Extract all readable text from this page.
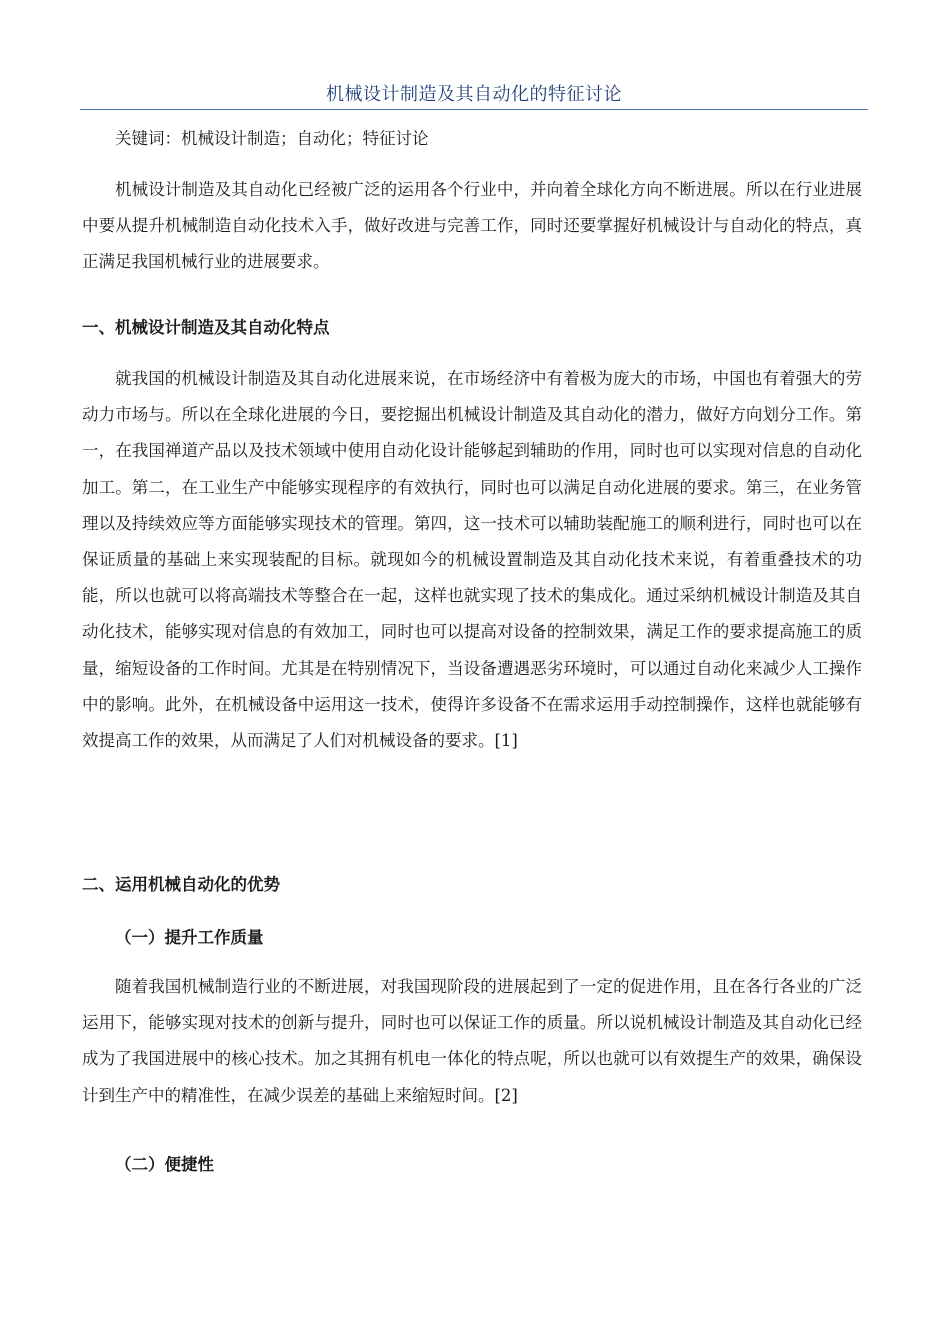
机械设计制造及其自动化的特征讨论

关键词：机械设计制造；自动化；特征讨论

机械设计制造及其自动化已经被广泛的运用各个行业中，并向着全球化方向不断进展。所以在行业进展中要从提升机械制造自动化技术入手，做好改进与完善工作，同时还要掌握好机械设计与自动化的特点，真正满足我国机械行业的进展要求。

一、机械设计制造及其自动化特点

就我国的机械设计制造及其自动化进展来说，在市场经济中有着极为庞大的市场，中国也有着强大的劳动力市场与。所以在全球化进展的今日，要挖掘出机械设计制造及其自动化的潜力，做好方向划分工作。第一，在我国禅道产品以及技术领域中使用自动化设计能够起到辅助的作用，同时也可以实现对信息的自动化加工。第二，在工业生产中能够实现程序的有效执行，同时也可以满足自动化进展的要求。第三，在业务管理以及持续效应等方面能够实现技术的管理。第四，这一技术可以辅助装配施工的顺利进行，同时也可以在保证质量的基础上来实现装配的目标。就现如今的机械设置制造及其自动化技术来说，有着重叠技术的功能，所以也就可以将高端技术等整合在一起，这样也就实现了技术的集成化。通过采纳机械设计制造及其自动化技术，能够实现对信息的有效加工，同时也可以提高对设备的控制效果，满足工作的要求提高施工的质量，缩短设备的工作时间。尤其是在特别情况下，当设备遭遇恶劣环境时，可以通过自动化来减少人工操作中的影响。此外，在机械设备中运用这一技术，使得许多设备不在需求运用手动控制操作，这样也就能够有效提高工作的效果，从而满足了人们对机械设备的要求。[1]

二、运用机械自动化的优势
（一）提升工作质量

随着我国机械制造行业的不断进展，对我国现阶段的进展起到了一定的促进作用，且在各行各业的广泛运用下，能够实现对技术的创新与提升，同时也可以保证工作的质量。所以说机械设计制造及其自动化已经成为了我国进展中的核心技术。加之其拥有机电一体化的特点呢，所以也就可以有效提生产的效果，确保设计到生产中的精准性，在减少误差的基础上来缩短时间。[2]

（二）便捷性
